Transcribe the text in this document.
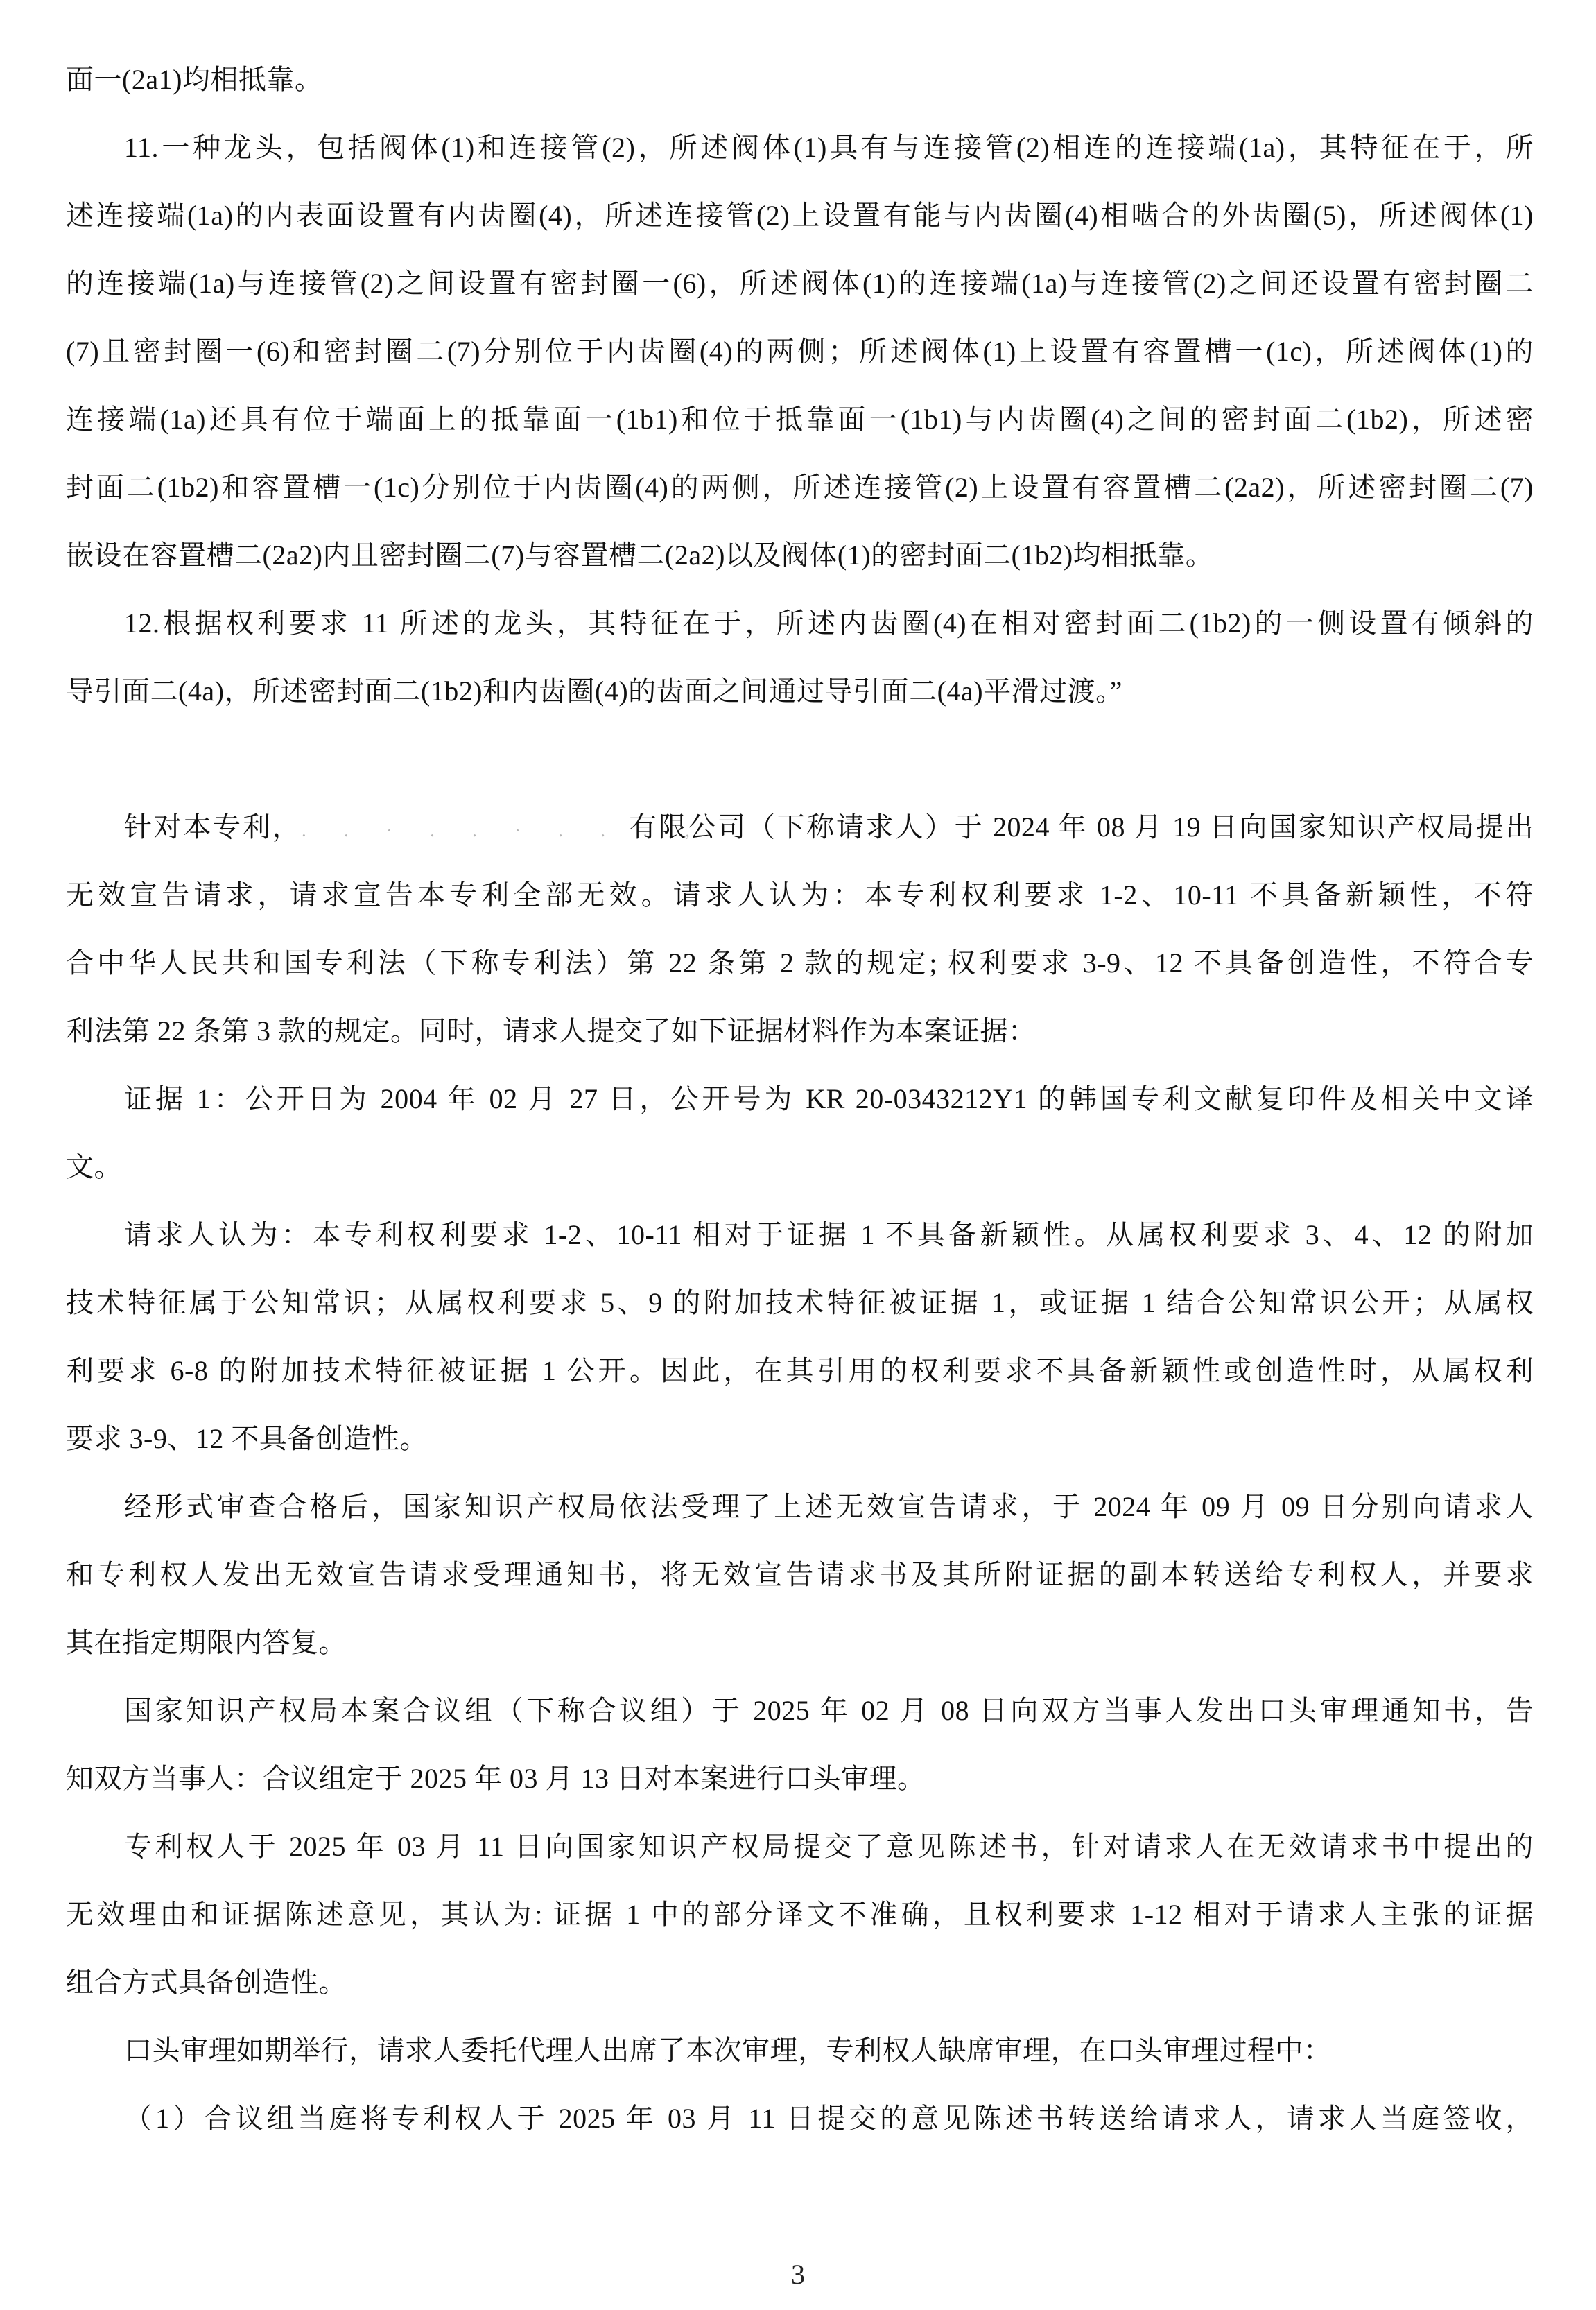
面一(2a1)均相抵靠。
11.一种龙头，包括阀体(1)和连接管(2)，所述阀体(1)具有与连接管(2)相连的连接端(1a)，其特征在于，所
述连接端(1a)的内表面设置有内齿圈(4)，所述连接管(2)上设置有能与内齿圈(4)相啮合的外齿圈(5)，所述阀体(1)
的连接端(1a)与连接管(2)之间设置有密封圈一(6)，所述阀体(1)的连接端(1a)与连接管(2)之间还设置有密封圈二
(7)且密封圈一(6)和密封圈二(7)分别位于内齿圈(4)的两侧；所述阀体(1)上设置有容置槽一(1c)，所述阀体(1)的
连接端(1a)还具有位于端面上的抵靠面一(1b1)和位于抵靠面一(1b1)与内齿圈(4)之间的密封面二(1b2)，所述密
封面二(1b2)和容置槽一(1c)分别位于内齿圈(4)的两侧，所述连接管(2)上设置有容置槽二(2a2)，所述密封圈二(7)
嵌设在容置槽二(2a2)内且密封圈二(7)与容置槽二(2a2)以及阀体(1)的密封面二(1b2)均相抵靠。
12.根据权利要求 11 所述的龙头，其特征在于，所述内齿圈(4)在相对密封面二(1b2)的一侧设置有倾斜的
导引面二(4a)，所述密封面二(1b2)和内齿圈(4)的齿面之间通过导引面二(4a)平滑过渡。”

针对本专利，. . · . . · . . . ,有限公司（下称请求人）于 2024 年 08 月 19 日向国家知识产权局提出
无效宣告请求，请求宣告本专利全部无效。请求人认为：本专利权利要求 1-2、10-11 不具备新颖性，不符
合中华人民共和国专利法（下称专利法）第 22 条第 2 款的规定; 权利要求 3-9、12 不具备创造性，不符合专
利法第 22 条第 3 款的规定。同时，请求人提交了如下证据材料作为本案证据：
证据 1：公开日为 2004 年 02 月 27 日，公开号为 KR 20-0343212Y1 的韩国专利文献复印件及相关中文译
文。
请求人认为：本专利权利要求 1-2、10-11 相对于证据 1 不具备新颖性。从属权利要求 3、4、12 的附加
技术特征属于公知常识；从属权利要求 5、9 的附加技术特征被证据 1，或证据 1 结合公知常识公开；从属权
利要求 6-8 的附加技术特征被证据 1 公开。因此，在其引用的权利要求不具备新颖性或创造性时，从属权利
要求 3-9、12 不具备创造性。
经形式审查合格后，国家知识产权局依法受理了上述无效宣告请求，于 2024 年 09 月 09 日分别向请求人
和专利权人发出无效宣告请求受理通知书，将无效宣告请求书及其所附证据的副本转送给专利权人，并要求
其在指定期限内答复。
国家知识产权局本案合议组（下称合议组）于 2025 年 02 月 08 日向双方当事人发出口头审理通知书，告
知双方当事人：合议组定于 2025 年 03 月 13 日对本案进行口头审理。
专利权人于 2025 年 03 月 11 日向国家知识产权局提交了意见陈述书，针对请求人在无效请求书中提出的
无效理由和证据陈述意见，其认为: 证据 1 中的部分译文不准确，且权利要求 1-12 相对于请求人主张的证据
组合方式具备创造性。
口头审理如期举行，请求人委托代理人出席了本次审理，专利权人缺席审理，在口头审理过程中：
（1）合议组当庭将专利权人于 2025 年 03 月 11 日提交的意见陈述书转送给请求人，请求人当庭签收，
3
